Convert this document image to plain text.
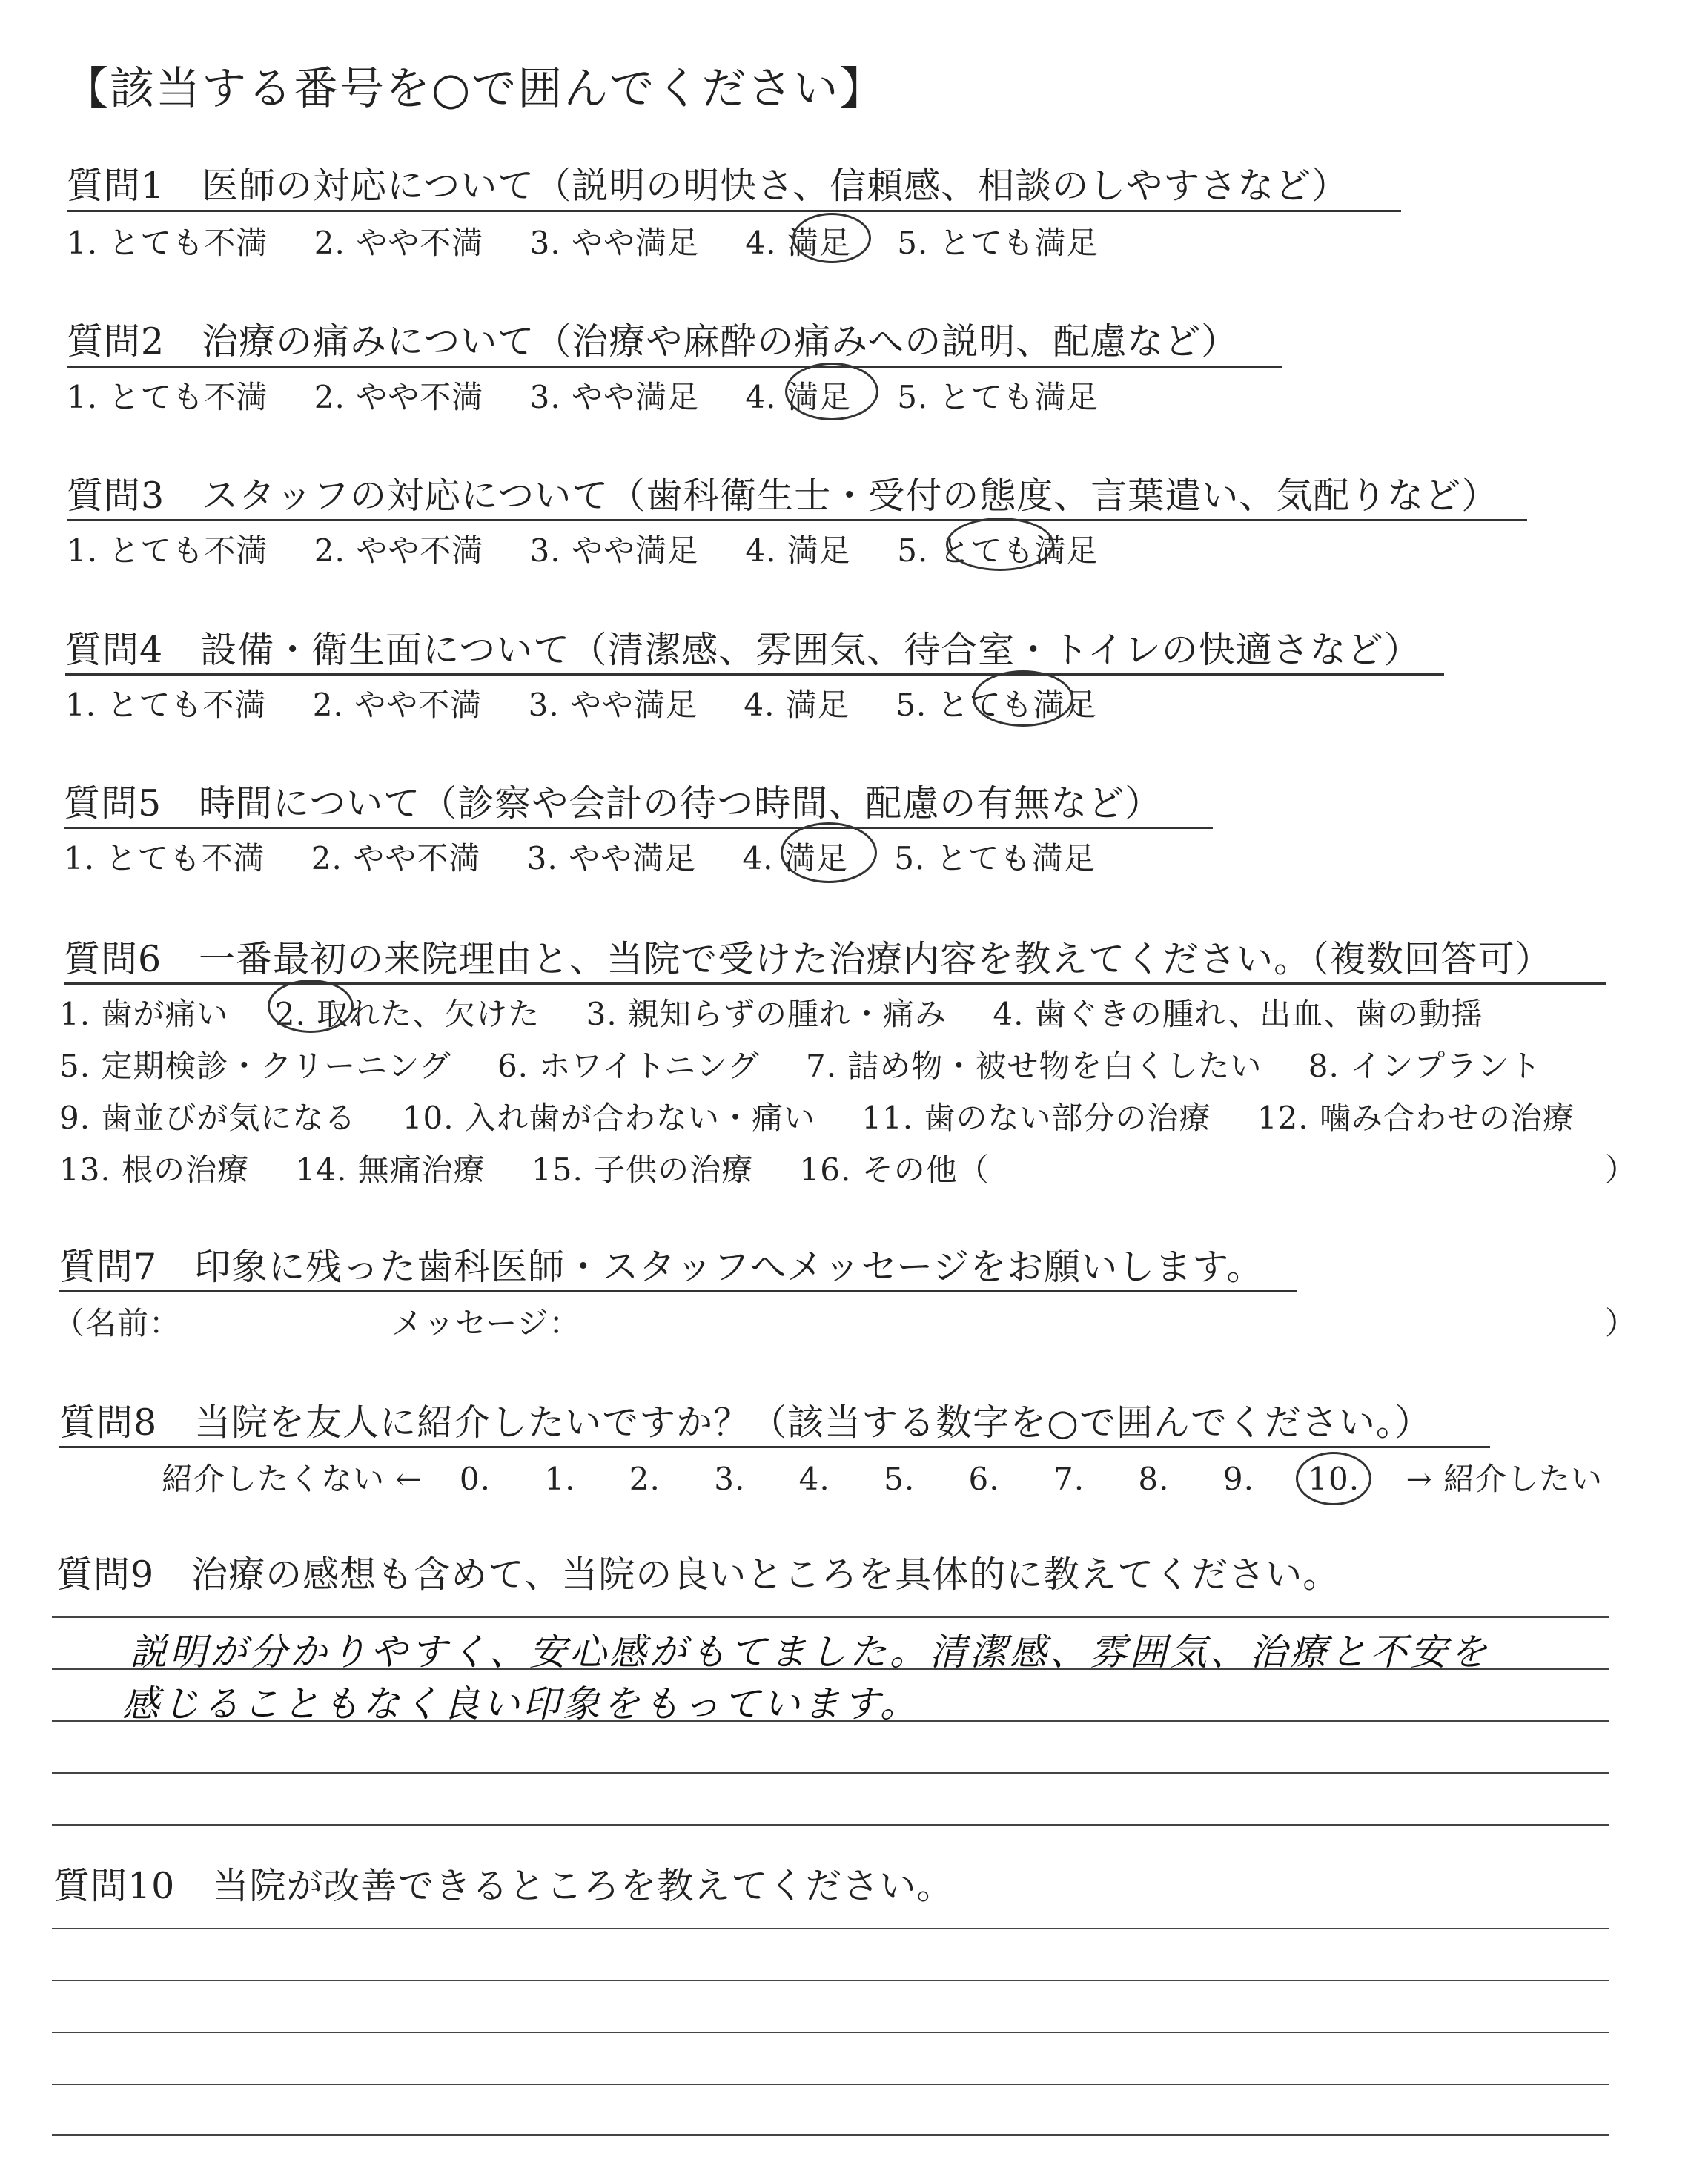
【該当する番号を○で囲んでください】
質問1　医師の対応について（説明の明快さ、信頼感、相談のしやすさなど）
1. とても不満 2. やや不満 3. やや満足 4. 満足 5. とても満足
質問2　治療の痛みについて（治療や麻酔の痛みへの説明、配慮など）
1. とても不満 2. やや不満 3. やや満足 4. 満足 5. とても満足
質問3　スタッフの対応について（歯科衛生士・受付の態度、言葉遣い、気配りなど）
1. とても不満 2. やや不満 3. やや満足 4. 満足 5. とても満足
質問4　設備・衛生面について（清潔感、雰囲気、待合室・トイレの快適さなど）
1. とても不満 2. やや不満 3. やや満足 4. 満足 5. とても満足
質問5　時間について（診察や会計の待つ時間、配慮の有無など）
1. とても不満 2. やや不満 3. やや満足 4. 満足 5. とても満足
質問6　一番最初の来院理由と、当院で受けた治療内容を教えてください。（複数回答可）
1. 歯が痛い 2. 取れた、欠けた 3. 親知らずの腫れ・痛み 4. 歯ぐきの腫れ、出血、歯の動揺
5. 定期検診・クリーニング 6. ホワイトニング 7. 詰め物・被せ物を白くしたい 8. インプラント
9. 歯並びが気になる 10. 入れ歯が合わない・痛い 11. 歯のない部分の治療 12. 噛み合わせの治療
13. 根の治療 14. 無痛治療 15. 子供の治療 16. その他（	）
質問7　印象に残った歯科医師・スタッフへメッセージをお願いします。
（名前：	メッセージ：	）
質問8　当院を友人に紹介したいですか？（該当する数字を○で囲んでください。）
紹介したくない ← 0. 1. 2. 3. 4. 5. 6. 7. 8. 9. 10. → 紹介したい
質問9　治療の感想も含めて、当院の良いところを具体的に教えてください。
説明が分かりやすく、安心感がもてました。清潔感、雰囲気、治療と不安を
感じることもなく良い印象をもっています。
質問10　当院が改善できるところを教えてください。
